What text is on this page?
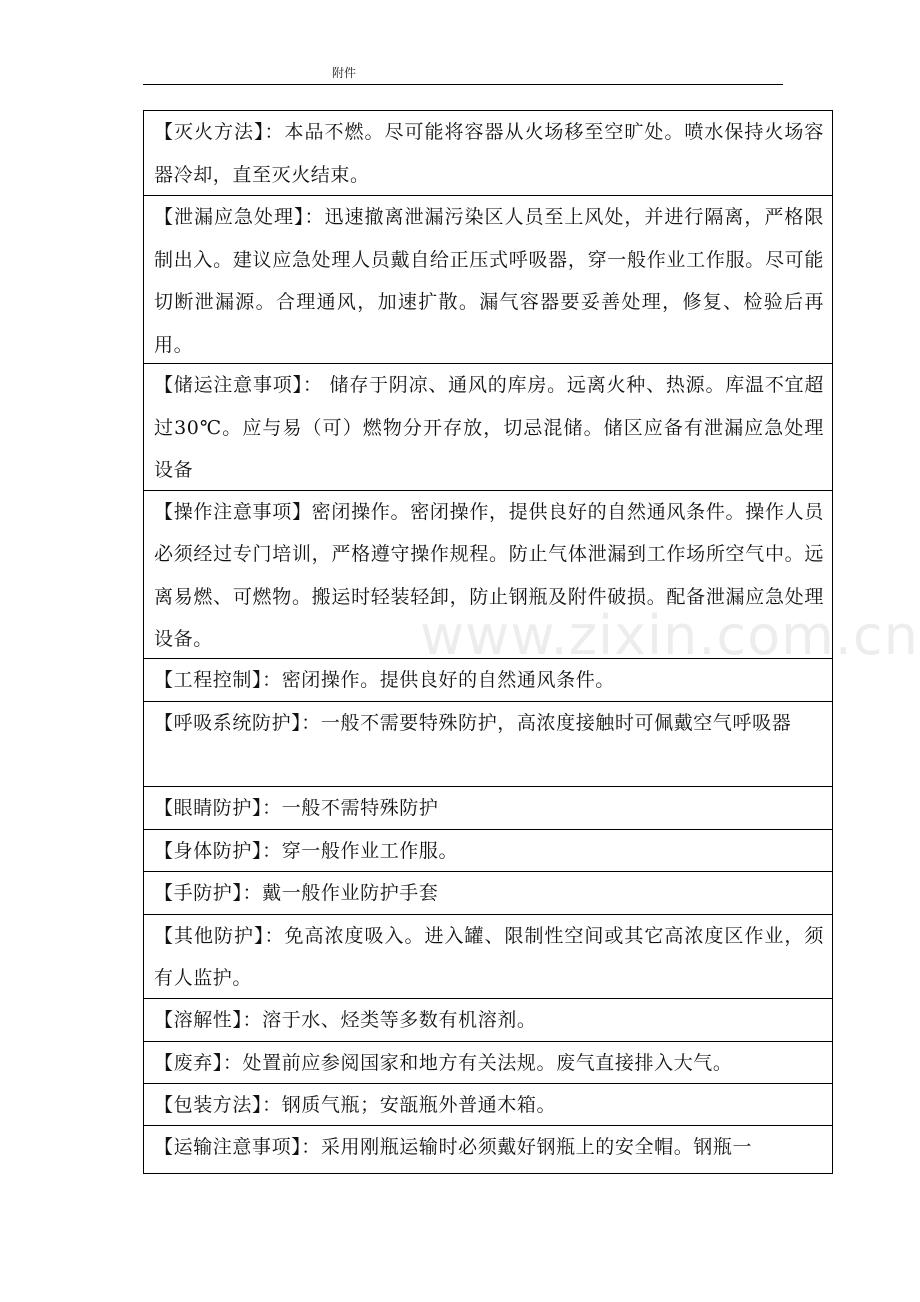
附件
【灭火方法】：本品不燃。尽可能将容器从火场移至空旷处。喷水保持火场容器冷却，直至灭火结束。
【泄漏应急处理】：迅速撤离泄漏污染区人员至上风处，并进行隔离，严格限制出入。建议应急处理人员戴自给正压式呼吸器，穿一般作业工作服。尽可能切断泄漏源。合理通风，加速扩散。漏气容器要妥善处理，修复、检验后再用。
【储运注意事项】： 储存于阴凉、通风的库房。远离火种、热源。库温不宜超过30℃。应与易（可）燃物分开存放，切忌混储。储区应备有泄漏应急处理设备
【操作注意事项】密闭操作。密闭操作，提供良好的自然通风条件。操作人员必须经过专门培训，严格遵守操作规程。防止气体泄漏到工作场所空气中。远离易燃、可燃物。搬运时轻装轻卸，防止钢瓶及附件破损。配备泄漏应急处理设备。
【工程控制】：密闭操作。提供良好的自然通风条件。
【呼吸系统防护】：一般不需要特殊防护，高浓度接触时可佩戴空气呼吸器
【眼睛防护】：一般不需特殊防护
【身体防护】：穿一般作业工作服。
【手防护】：戴一般作业防护手套
【其他防护】：免高浓度吸入。进入罐、限制性空间或其它高浓度区作业，须有人监护。
【溶解性】：溶于水、烃类等多数有机溶剂。
【废弃】：处置前应参阅国家和地方有关法规。废气直接排入大气。
【包装方法】：钢质气瓶；安瓿瓶外普通木箱。
【运输注意事项】：采用刚瓶运输时必须戴好钢瓶上的安全帽。钢瓶一
www.zixin.com.cn
